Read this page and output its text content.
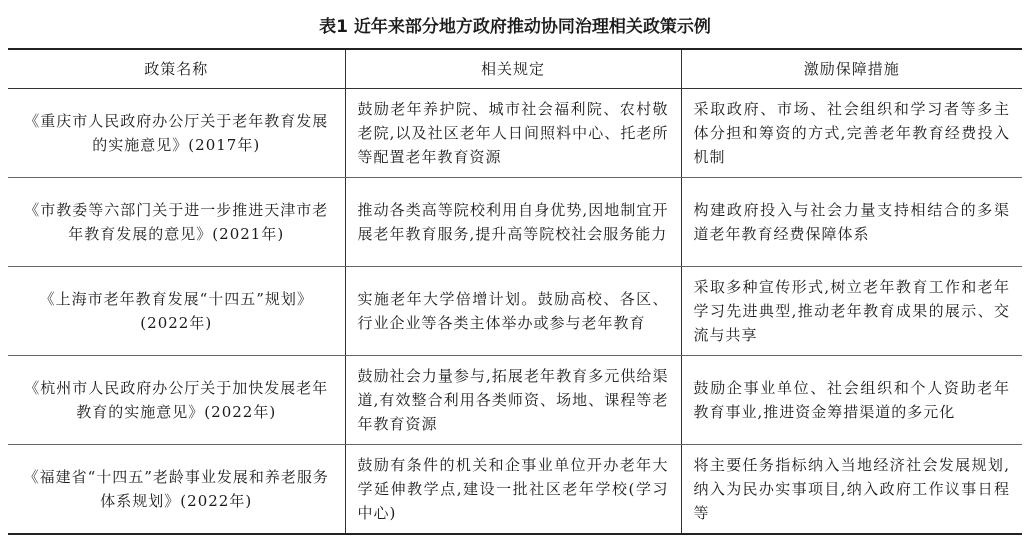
表1 近年来部分地方政府推动协同治理相关政策示例
政策名称	相关规定	激励保障措施
《重庆市人民政府办公厅关于老年教育发展的实施意见》(2017年)	鼓励老年养护院、城市社会福利院、农村敬老院,以及社区老年人日间照料中心、托老所等配置老年教育资源	采取政府、市场、社会组织和学习者等多主体分担和筹资的方式,完善老年教育经费投入机制
《市教委等六部门关于进一步推进天津市老年教育发展的意见》(2021年)	推动各类高等院校利用自身优势,因地制宜开展老年教育服务,提升高等院校社会服务能力	构建政府投入与社会力量支持相结合的多渠道老年教育经费保障体系
《上海市老年教育发展“十四五”规划》(2022年)	实施老年大学倍增计划。鼓励高校、各区、行业企业等各类主体举办或参与老年教育	采取多种宣传形式,树立老年教育工作和老年学习先进典型,推动老年教育成果的展示、交流与共享
《杭州市人民政府办公厅关于加快发展老年教育的实施意见》(2022年)	鼓励社会力量参与,拓展老年教育多元供给渠道,有效整合利用各类师资、场地、课程等老年教育资源	鼓励企事业单位、社会组织和个人资助老年教育事业,推进资金筹措渠道的多元化
《福建省“十四五”老龄事业发展和养老服务体系规划》(2022年)	鼓励有条件的机关和企事业单位开办老年大学延伸教学点,建设一批社区老年学校(学习中心)	将主要任务指标纳入当地经济社会发展规划,纳入为民办实事项目,纳入政府工作议事日程等
